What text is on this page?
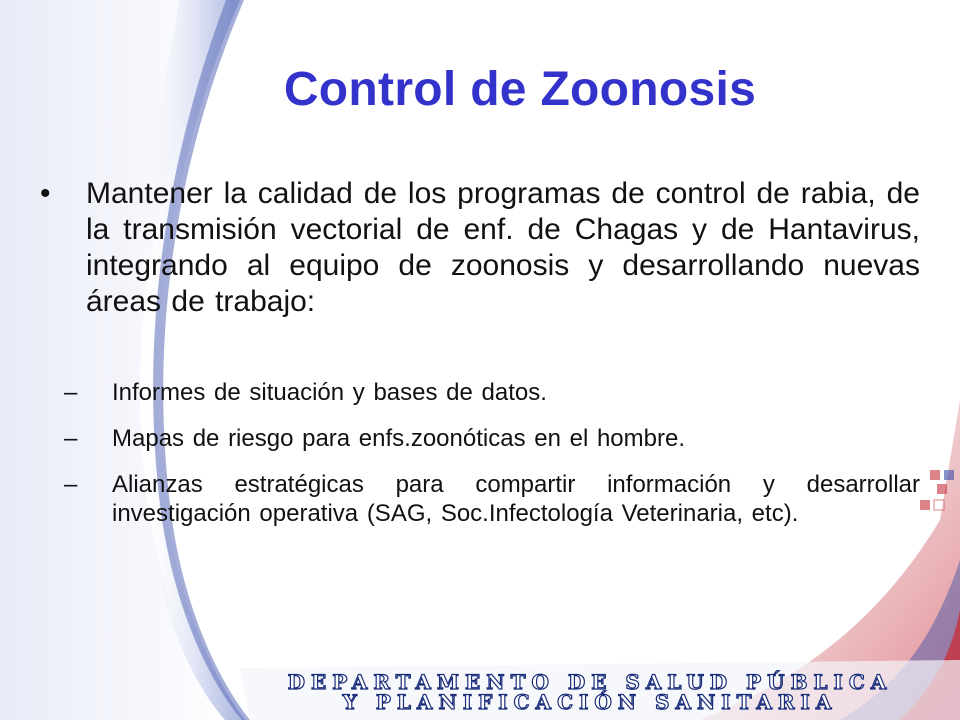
Control de Zoonosis
•	Mantener la calidad de los programas de control de rabia, de la transmisión vectorial de enf. de Chagas y de Hantavirus, integrando al equipo de zoonosis y desarrollando nuevas áreas de trabajo:
–	Informes de situación y bases de datos.
–	Mapas de riesgo para enfs.zoonóticas en el hombre.
–	Alianzas estratégicas para compartir información y desarrollar investigación operativa (SAG, Soc.Infectología Veterinaria, etc).
DEPARTAMENTO DE SALUD PÚBLICA
Y PLANIFICACIÓN SANITARIA
